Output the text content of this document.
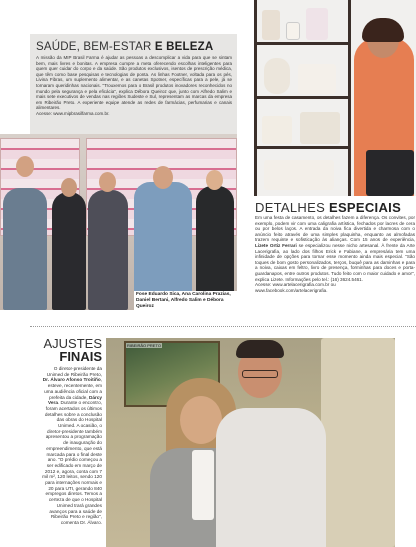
SAÚDE, BEM-ESTAR E BELEZA
A missão da MIP Brasil Farma é ajudar as pessoas a descomplicar a vida para que se sintam bem, mais livres e bonitas. A empresa cumpre a meta oferecendo escolhas inteligentes para quem quer cuidar do corpo e da saúde. São produtos exclusivos, isentos de prescrição médica, que têm como base pesquisas e tecnologias de ponta. As linhas Footner, voltada para os pés, Livina Fibras, um suplemento alimentar, e as canetas Spotner, específicas para a pele, já se tornaram queridinhas nacionais. "Trouxemos para o Brasil produtos inovadores reconhecidos no mundo pela segurança e pela eficácia", explica Débora Queiroz que, junto com Alfredo Salim e mais sete executivos de vendas nas regiões Sudeste e Sul, representam as marcas da empresa em Ribeirão Preto. A experiente equipe atende as redes de farmácias, perfumarias e canais alimentares.
Acesse: www.mipbrasilfarma.com.br.
Fose Eduardo Sica, Ana Carolina Prazias, Daniel Bertani, Alfredo Salim e Débora Queiroz
DETALHES ESPECIAIS
Em uma festa de casamento, os detalhes fazem a diferença. Os convites, por exemplo, podem vir com uma caligrafia artística, fechados por lacres de cera ou por belos laços. A entrada da noiva fica divertida e charmosa com o anúncio feito através de uma simples plaquinha, enquanto as almofadas trazem requinte e sofisticação às alianças. Com 15 anos de experiência, Lizete Ortiz Ferrari se especializou nesse nicho artesanal. À frente da Arte Lacerigrafia, ao lado dos filhos Erick e Fabiane, a empresária tem uma infinidade de opções para tornar esse momento ainda mais especial. "São toques de bom gosto personalizados, terços, buquê para as daminhas e para a noiva, caixas em feltro, livro de presença, forminhas para doces e porta-guardanapos, entre outros produtos. Tudo feito com o maior cuidado e amor", explica Lizete. Informações pelo tel.: (16) 3624.5461.
Acesse: www.artelacerigrafia.com.br ou
www.facebook.com/artelacerigrafia.
AJUSTES
FINAIS
O diretor-presidente da Unimed de Ribeirão Preto, Dr. Álvaro Afonso Troitiño, esteve, recentemente, em uma audiência oficial com a prefeita da cidade, Dárcy Vera. Durante o encontro, foram acertados os últimos detalhes sobre a conclusão das obras do Hospital Unimed. A ocasião, o diretor-presidente também apresentou a programação de inauguração do empreendimento, que está marcada para o final deste ano. "O prédio começou a ser edificado em março de 2012 e, agora, conta com 7 mil m², 120 leitos, sendo 120 para internações normais e 20 para UTI, gerando 840 empregos diretos. Temos a certeza de que o Hospital Unimed trará grandes avanços para a saúde de Ribeirão Preto e região", comenta Dr. Álvaro.
RIBEIRÃO PRETO
